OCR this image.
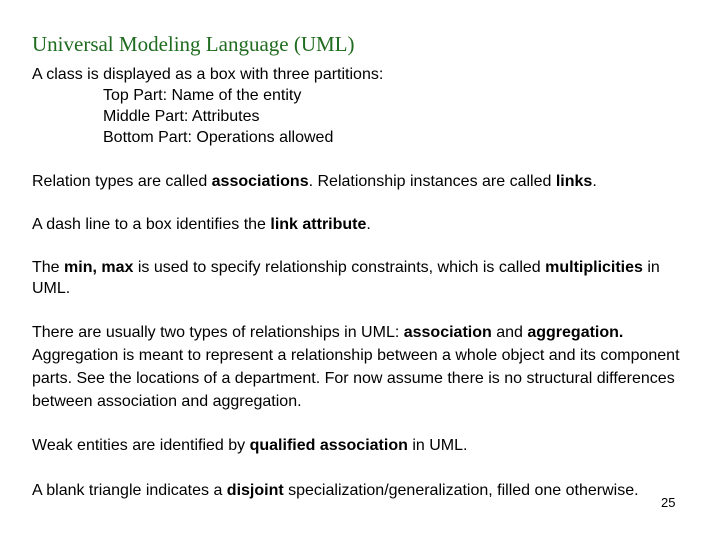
Universal Modeling Language (UML)

A class is displayed as a box with three partitions:

Top Part: Name of the entity

Middle Part: Attributes

Bottom Part: Operations allowed

Relation types are called associations. Relationship instances are called links.

A dash line to a box identifies the link attribute.

The min, max is used to specify relationship constraints, which is called multiplicities in UML.

There are usually two types of relationships in UML: association and aggregation. Aggregation is meant to represent a relationship between a whole object and its component parts. See the locations of a department. For now assume there is no structural differences between association and aggregation.

Weak entities are identified by qualified association in UML.

A blank triangle indicates a disjoint specialization/generalization, filled one otherwise.

25
